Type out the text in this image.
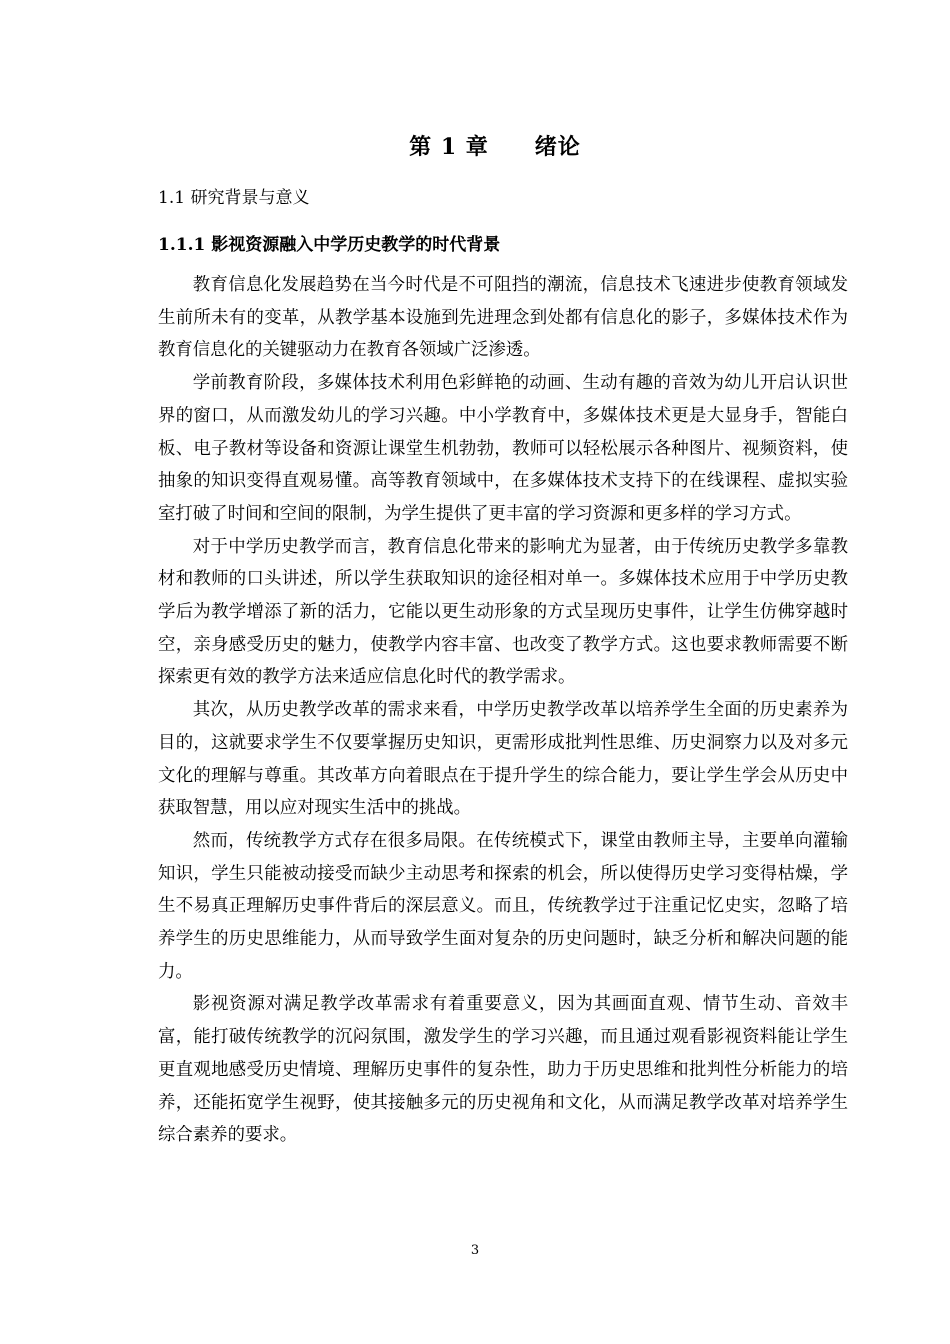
第 1 章　　绪论
1.1 研究背景与意义
1.1.1 影视资源融入中学历史教学的时代背景

教育信息化发展趋势在当今时代是不可阻挡的潮流，信息技术飞速进步使教育领域发生前所未有的变革，从教学基本设施到先进理念到处都有信息化的影子，多媒体技术作为教育信息化的关键驱动力在教育各领域广泛渗透。

学前教育阶段，多媒体技术利用色彩鲜艳的动画、生动有趣的音效为幼儿开启认识世界的窗口，从而激发幼儿的学习兴趣。中小学教育中，多媒体技术更是大显身手，智能白板、电子教材等设备和资源让课堂生机勃勃，教师可以轻松展示各种图片、视频资料，使抽象的知识变得直观易懂。高等教育领域中，在多媒体技术支持下的在线课程、虚拟实验室打破了时间和空间的限制，为学生提供了更丰富的学习资源和更多样的学习方式。

对于中学历史教学而言，教育信息化带来的影响尤为显著，由于传统历史教学多靠教材和教师的口头讲述，所以学生获取知识的途径相对单一。多媒体技术应用于中学历史教学后为教学增添了新的活力，它能以更生动形象的方式呈现历史事件，让学生仿佛穿越时空，亲身感受历史的魅力，使教学内容丰富、也改变了教学方式。这也要求教师需要不断探索更有效的教学方法来适应信息化时代的教学需求。

其次，从历史教学改革的需求来看，中学历史教学改革以培养学生全面的历史素养为目的，这就要求学生不仅要掌握历史知识，更需形成批判性思维、历史洞察力以及对多元文化的理解与尊重。其改革方向着眼点在于提升学生的综合能力，要让学生学会从历史中获取智慧，用以应对现实生活中的挑战。

然而，传统教学方式存在很多局限。在传统模式下，课堂由教师主导，主要单向灌输知识，学生只能被动接受而缺少主动思考和探索的机会，所以使得历史学习变得枯燥，学生不易真正理解历史事件背后的深层意义。而且，传统教学过于注重记忆史实，忽略了培养学生的历史思维能力，从而导致学生面对复杂的历史问题时，缺乏分析和解决问题的能力。

影视资源对满足教学改革需求有着重要意义，因为其画面直观、情节生动、音效丰富，能打破传统教学的沉闷氛围，激发学生的学习兴趣，而且通过观看影视资料能让学生更直观地感受历史情境、理解历史事件的复杂性，助力于历史思维和批判性分析能力的培养，还能拓宽学生视野，使其接触多元的历史视角和文化，从而满足教学改革对培养学生综合素养的要求。

3
